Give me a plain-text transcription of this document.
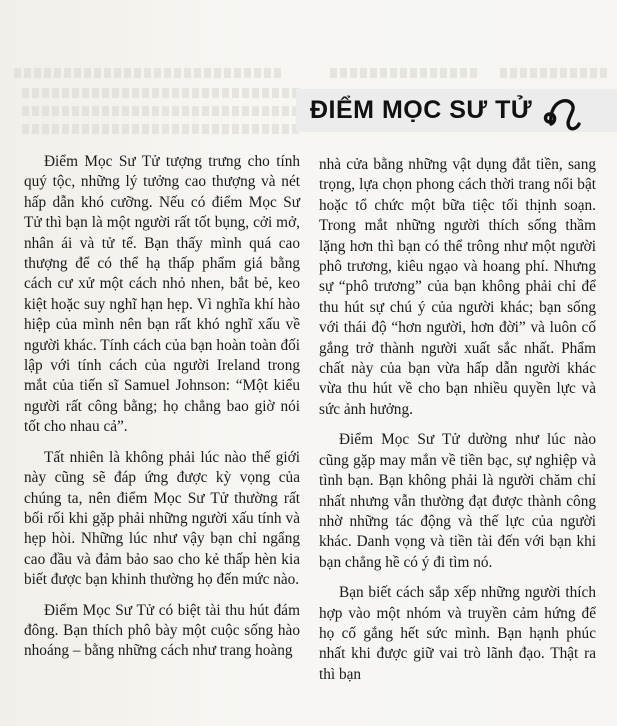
ĐIỂM MỌC SƯ TỬ

Điểm Mọc Sư Tử tượng trưng cho tính quý tộc, những lý tưởng cao thượng và nét hấp dẫn khó cưỡng. Nếu có điểm Mọc Sư Tử thì bạn là một người rất tốt bụng, cởi mở, nhân ái và tử tế. Bạn thấy mình quá cao thượng để có thể hạ thấp phẩm giá bằng cách cư xử một cách nhỏ nhen, bắt bẻ, keo kiệt hoặc suy nghĩ hạn hẹp. Vì nghĩa khí hào hiệp của mình nên bạn rất khó nghĩ xấu về người khác. Tính cách của bạn hoàn toàn đối lập với tính cách của người Ireland trong mắt của tiến sĩ Samuel Johnson: “Một kiểu người rất công bằng; họ chẳng bao giờ nói tốt cho nhau cả”.

Tất nhiên là không phải lúc nào thế giới này cũng sẽ đáp ứng được kỳ vọng của chúng ta, nên điểm Mọc Sư Tử thường rất bối rối khi gặp phải những người xấu tính và hẹp hòi. Những lúc như vậy bạn chỉ ngẩng cao đầu và đảm bảo sao cho kẻ thấp hèn kia biết được bạn khinh thường họ đến mức nào.

Điểm Mọc Sư Tử có biệt tài thu hút đám đông. Bạn thích phô bày một cuộc sống hào nhoáng – bằng những cách như trang hoàng

nhà cửa bằng những vật dụng đắt tiền, sang trọng, lựa chọn phong cách thời trang nổi bật hoặc tổ chức một bữa tiệc tối thịnh soạn. Trong mắt những người thích sống thầm lặng hơn thì bạn có thể trông như một người phô trương, kiêu ngạo và hoang phí. Nhưng sự “phô trương” của bạn không phải chỉ để thu hút sự chú ý của người khác; bạn sống với thái độ “hơn người, hơn đời” và luôn cố gắng trở thành người xuất sắc nhất. Phẩm chất này của bạn vừa hấp dẫn người khác vừa thu hút về cho bạn nhiều quyền lực và sức ảnh hưởng.

Điểm Mọc Sư Tử dường như lúc nào cũng gặp may mắn về tiền bạc, sự nghiệp và tình bạn. Bạn không phải là người chăm chỉ nhất nhưng vẫn thường đạt được thành công nhờ những tác động và thế lực của người khác. Danh vọng và tiền tài đến với bạn khi bạn chẳng hề có ý đi tìm nó.

Bạn biết cách sắp xếp những người thích hợp vào một nhóm và truyền cảm hứng để họ cố gắng hết sức mình. Bạn hạnh phúc nhất khi được giữ vai trò lãnh đạo. Thật ra thì bạn
